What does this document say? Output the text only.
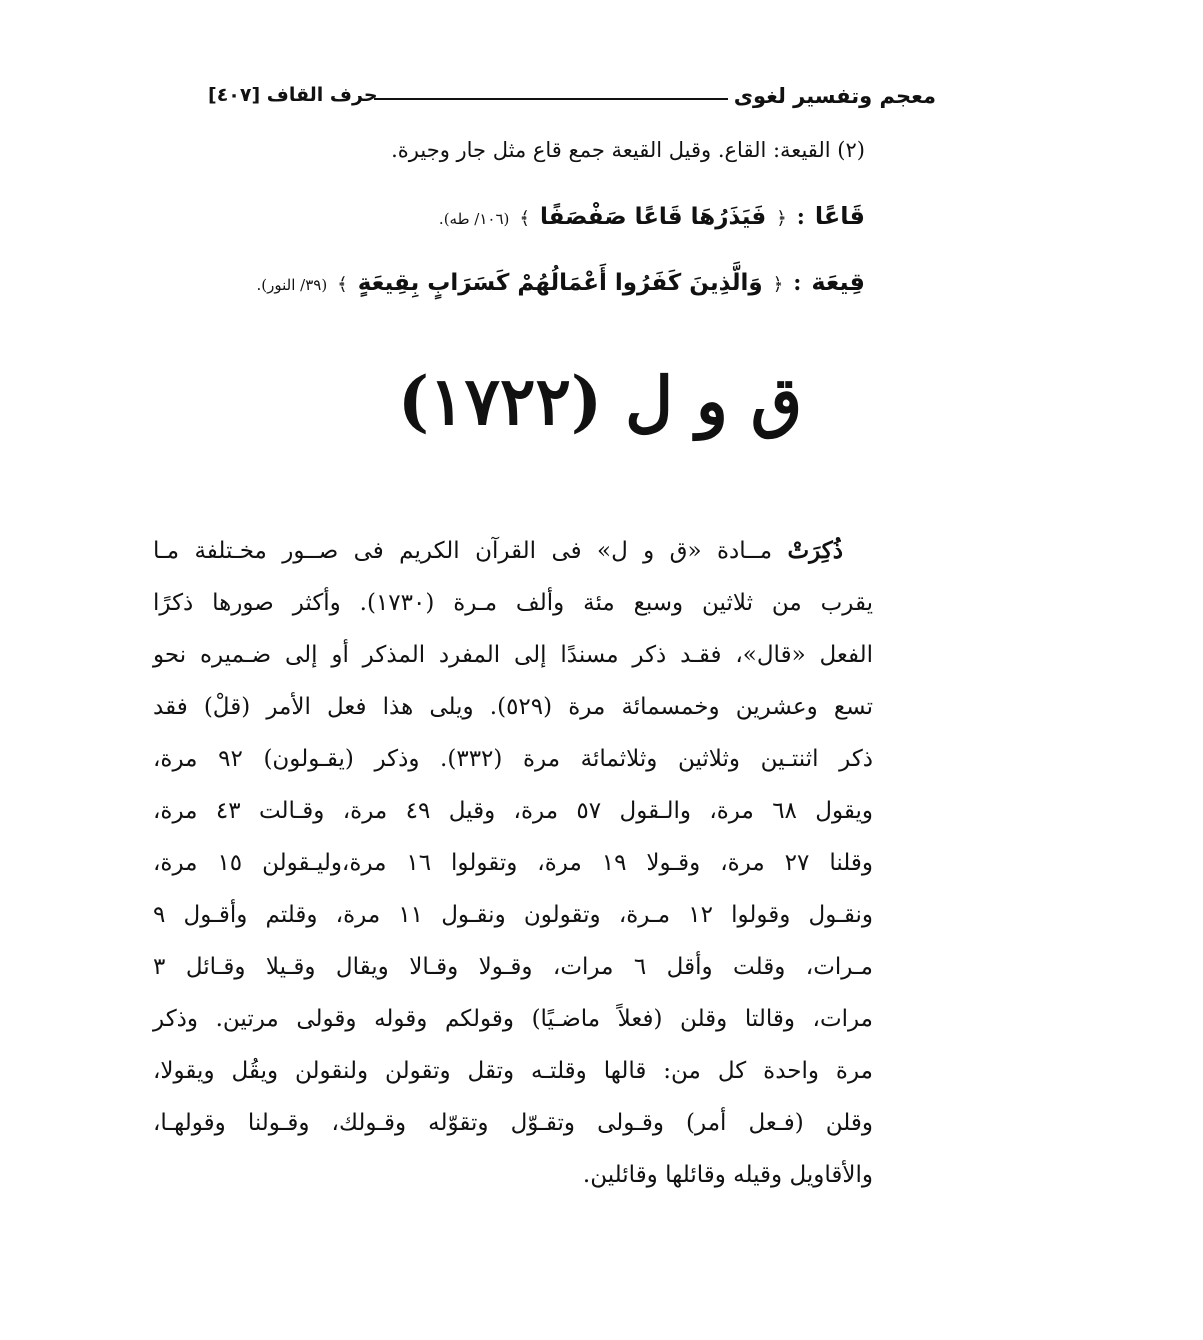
معجم وتفسير لغوى
حرف القاف [٤٠٧]
(٢) القيعة: القاع. وقيل القيعة جمع قاع مثل جار وجيرة.
قَاعًا
:
﴿
فَيَذَرُهَا قَاعًا صَفْصَفًا
﴾
(١٠٦/ طه).
قِيعَة
:
﴿
وَالَّذِينَ كَفَرُوا أَعْمَالُهُمْ كَسَرَابٍ بِقِيعَةٍ
﴾
(٣٩/ النور).
ق و ل (١٧٢٢)
ذُكِرَتْ مــادة «ق و ل» فى القرآن الكريم فى صــور مخـتلفة مـا
يقرب من ثلاثين وسبع مئة وألف مـرة (١٧٣٠). وأكثر صورها ذكرًا
الفعل «قال»، فقـد ذكر مسندًا إلى المفرد المذكر أو إلى ضـميره نحو
تسع وعشرين وخمسمائة مرة (٥٢٩). ويلى هذا فعل الأمر (قلْ) فقد
ذكر اثنتـين وثلاثين وثلاثمائة مرة (٣٣٢). وذكر (يقـولون) ٩٢ مرة،
ويقول ٦٨ مرة، والـقول ٥٧ مرة، وقيل ٤٩ مرة، وقـالت ٤٣ مرة،
وقلنا ٢٧ مرة، وقـولا ١٩ مرة، وتقولوا ١٦ مرة،وليـقولن ١٥ مرة،
ونقـول وقولوا ١٢ مـرة، وتقولون ونقـول ١١ مرة، وقلتم وأقـول ٩
مـرات، وقلت وأقل ٦ مرات، وقـولا وقـالا ويقال وقـيلا وقـائل ٣
مرات، وقالتا وقلن (فعلاً ماضـيًا) وقولكم وقوله وقولى مرتين. وذكر
مرة واحدة كل من: قالها وقلتـه وتقل وتقولن ولنقولن ويقُل ويقولا،
وقلن (فـعل أمر) وقـولى وتقـوّل وتقوّله وقـولك، وقـولنا وقولهـا،
والأقاويل وقيله وقائلها وقائلين.
